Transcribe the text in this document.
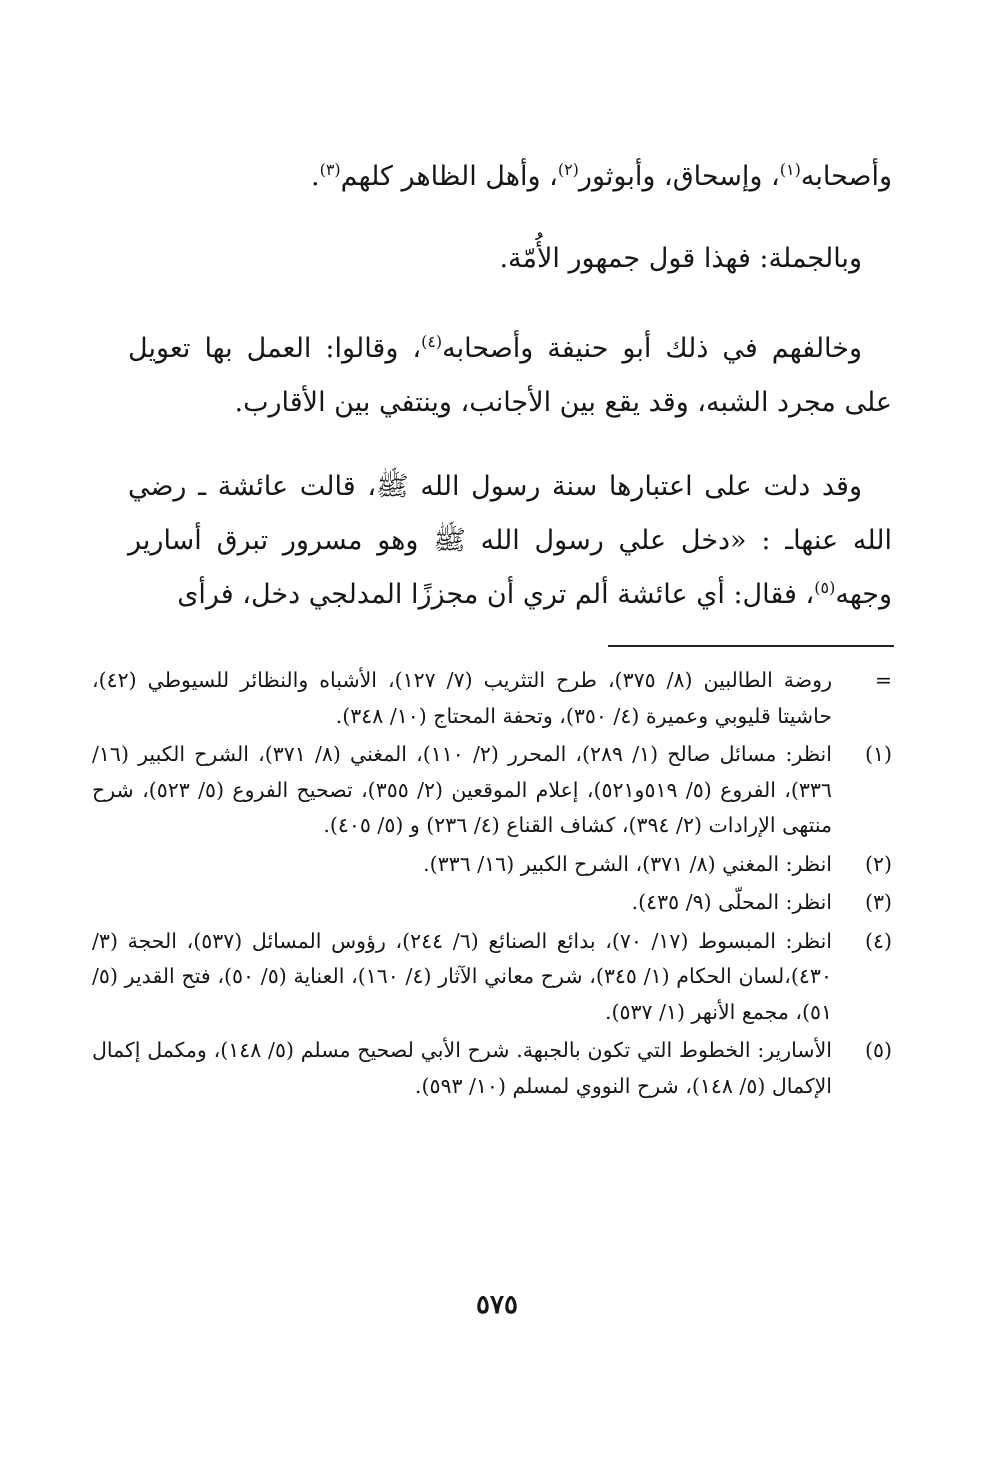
وأصحابه$^{(١)}$، وإسحاق، وأبوثور$^{(٢)}$، وأهل الظاهر كلهم$^{(٣)}$.

وبالجملة: فهذا قول جمهور الأُمّة.

وخالفهم في ذلك أبو حنيفة وأصحابه$^{(٤)}$، وقالوا: العمل بها تعويل على مجرد الشبه، وقد يقع بين الأجانب، وينتفي بين الأقارب.

وقد دلت على اعتبارها سنة رسول الله ﷺ، قالت عائشة ـ رضي الله عنهاـ : «دخل علي رسول الله ﷺ وهو مسرور تبرق أسارير وجهه$^{(٥)}$، فقال: أي عائشة ألم تري أن مجززًا المدلجي دخل، فرأى

=
روضة الطالبين (٨/ ٣٧٥)، طرح التثريب (٧/ ١٢٧)، الأشباه والنظائر للسيوطي (٤٢)، حاشيتا قليوبي وعميرة (٤/ ٣٥٠)، وتحفة المحتاج (١٠/ ٣٤٨).
(١)
انظر: مسائل صالح (١/ ٢٨٩)، المحرر (٢/ ١١٠)، المغني (٨/ ٣٧١)، الشرح الكبير (١٦/ ٣٣٦)، الفروع (٥/ ٥١٩و٥٢١)، إعلام الموقعين (٢/ ٣٥٥)، تصحيح الفروع (٥/ ٥٢٣)، شرح منتهى الإرادات (٢/ ٣٩٤)، كشاف القناع (٤/ ٢٣٦) و (٥/ ٤٠٥).
(٢)
انظر: المغني (٨/ ٣٧١)، الشرح الكبير (١٦/ ٣٣٦).
(٣)
انظر: المحلّى (٩/ ٤٣٥).
(٤)
انظر: المبسوط (١٧/ ٧٠)، بدائع الصنائع (٦/ ٢٤٤)، رؤوس المسائل (٥٣٧)، الحجة (٣/ ٤٣٠)،لسان الحكام (١/ ٣٤٥)، شرح معاني الآثار (٤/ ١٦٠)، العناية (٥/ ٥٠)، فتح القدير (٥/ ٥١)، مجمع الأنهر (١/ ٥٣٧).
(٥)
الأسارير: الخطوط التي تكون بالجبهة. شرح الأبي لصحيح مسلم (٥/ ١٤٨)، ومكمل إكمال الإكمال (٥/ ١٤٨)، شرح النووي لمسلم (١٠/ ٥٩٣).
٥٧٥
